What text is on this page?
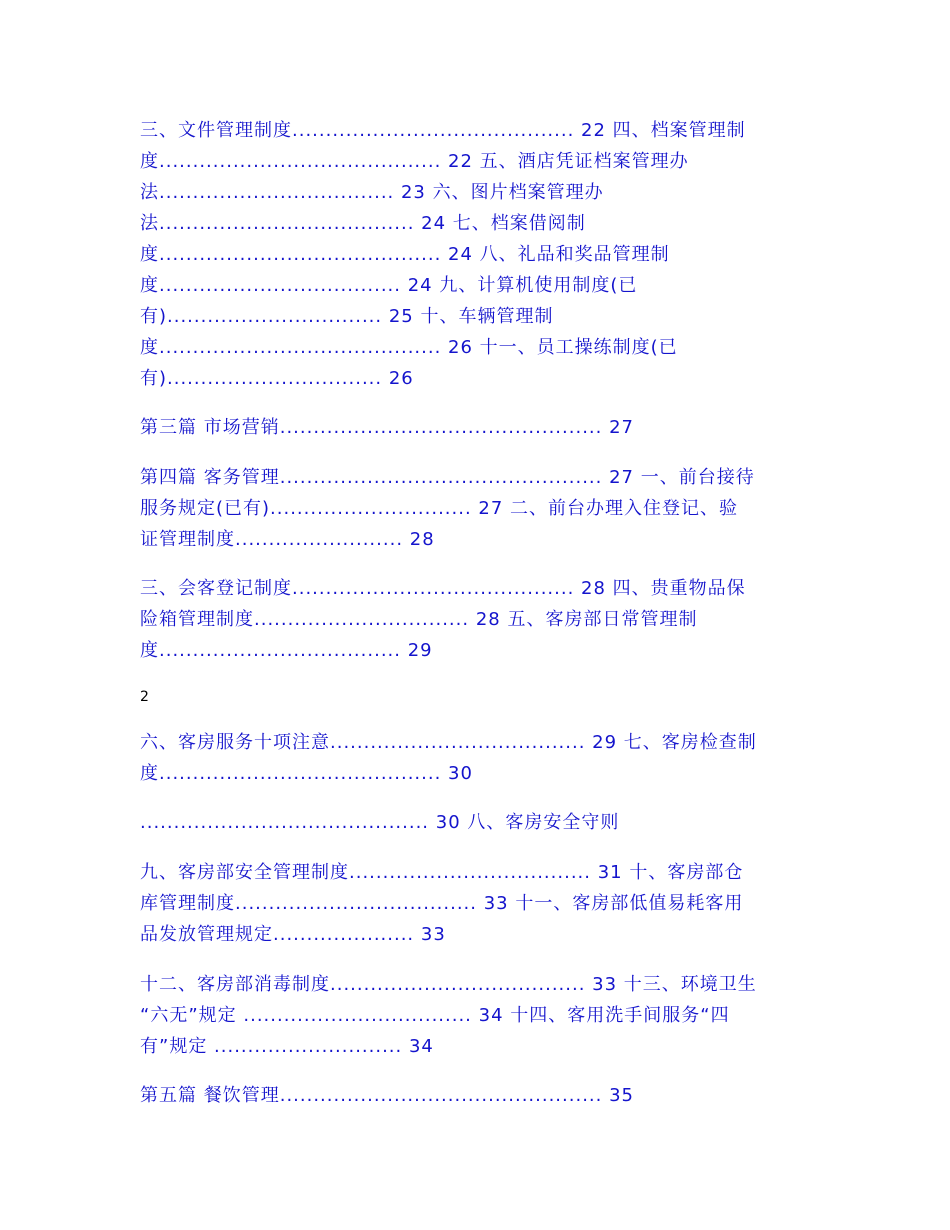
三、文件管理制度.......................................... 22 四、档案管理制
度.......................................... 22 五、酒店凭证档案管理办
法................................... 23 六、图片档案管理办
法...................................... 24 七、档案借阅制
度.......................................... 24 八、礼品和奖品管理制
度.................................... 24 九、计算机使用制度(已
有)................................ 25 十、车辆管理制
度.......................................... 26 十一、员工操练制度(已
有)................................ 26
第三篇 市场营销................................................ 27
第四篇 客务管理................................................ 27 一、前台接待
服务规定(已有).............................. 27 二、前台办理入住登记、验
证管理制度......................... 28
三、会客登记制度.......................................... 28 四、贵重物品保
险箱管理制度................................ 28 五、客房部日常管理制
度.................................... 29
2
六、客房服务十项注意...................................... 29 七、客房检查制
度.......................................... 30
........................................... 30 八、客房安全守则
九、客房部安全管理制度.................................... 31 十、客房部仓
库管理制度.................................... 33 十一、客房部低值易耗客用
品发放管理规定..................... 33
十二、客房部消毒制度...................................... 33 十三、环境卫生
“六无”规定 .................................. 34 十四、客用洗手间服务“四
有”规定 ............................ 34
第五篇 餐饮管理................................................ 35
